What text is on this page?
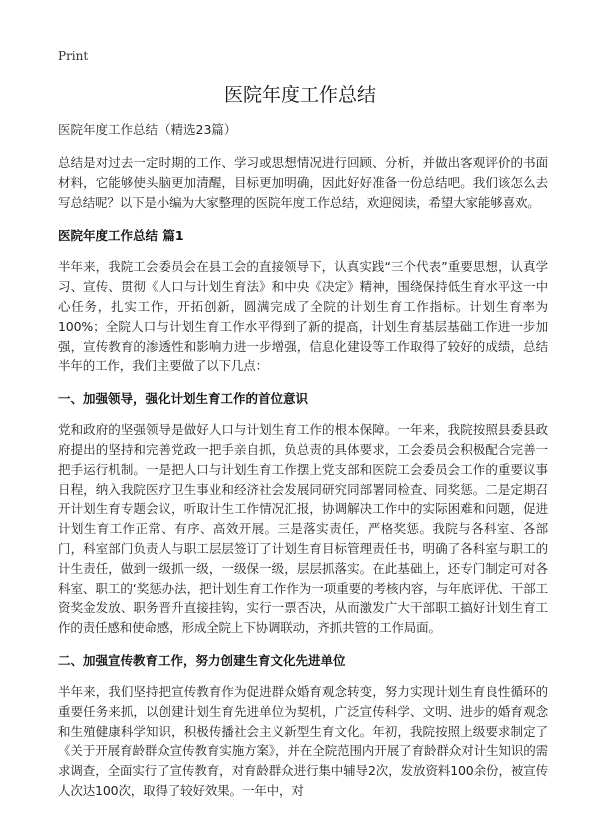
Print
医院年度工作总结

医院年度工作总结（精选23篇）

总结是对过去一定时期的工作、学习或思想情况进行回顾、分析，并做出客观评价的书面材料，它能够使头脑更加清醒，目标更加明确，因此好好准备一份总结吧。我们该怎么去写总结呢？以下是小编为大家整理的医院年度工作总结，欢迎阅读，希望大家能够喜欢。

医院年度工作总结 篇1

半年来，我院工会委员会在县工会的直接领导下，认真实践“三个代表”重要思想，认真学习、宣传、贯彻《人口与计划生育法》和中央《决定》精神，围绕保持低生育水平这一中心任务，扎实工作，开拓创新，圆满完成了全院的计划生育工作指标。计划生育率为100%；全院人口与计划生育工作水平得到了新的提高，计划生育基层基础工作进一步加强，宣传教育的渗透性和影响力进一步增强，信息化建设等工作取得了较好的成绩，总结半年的工作，我们主要做了以下几点：

一、加强领导，强化计划生育工作的首位意识

党和政府的坚强领导是做好人口与计划生育工作的根本保障。一年来，我院按照县委县政府提出的坚持和完善党政一把手亲自抓，负总责的具体要求，工会委员会积极配合完善一把手运行机制。一是把人口与计划生育工作摆上党支部和医院工会委员会工作的重要议事日程，纳入我院医疗卫生事业和经济社会发展同研究同部署同检查、同奖惩。二是定期召开计划生育专题会议，听取计生工作情况汇报，协调解决工作中的实际困难和问题，促进计划生育工作正常、有序、高效开展。三是落实责任，严格奖惩。我院与各科室、各部门，科室部门负责人与职工层层签订了计划生育目标管理责任书，明确了各科室与职工的计生责任，做到一级抓一级，一级保一级，层层抓落实。在此基础上，还专门制定可对各科室、职工的‘奖惩办法，把计划生育工作作为一项重要的考核内容，与年底评优、干部工资奖金发放、职务晋升直接挂钩，实行一票否决，从而激发广大干部职工搞好计划生育工作的责任感和使命感，形成全院上下协调联动，齐抓共管的工作局面。

二、加强宣传教育工作，努力创建生育文化先进单位

半年来，我们坚持把宣传教育作为促进群众婚育观念转变，努力实现计划生育良性循环的重要任务来抓，以创建计划生育先进单位为契机，广泛宣传科学、文明、进步的婚育观念和生殖健康科学知识，积极传播社会主义新型生育文化。年初，我院按照上级要求制定了《关于开展育龄群众宣传教育实施方案》，并在全院范围内开展了育龄群众对计生知识的需求调查，全面实行了宣传教育，对育龄群众进行集中辅导2次，发放资料100余份，被宣传人次达100次，取得了较好效果。一年中，对
